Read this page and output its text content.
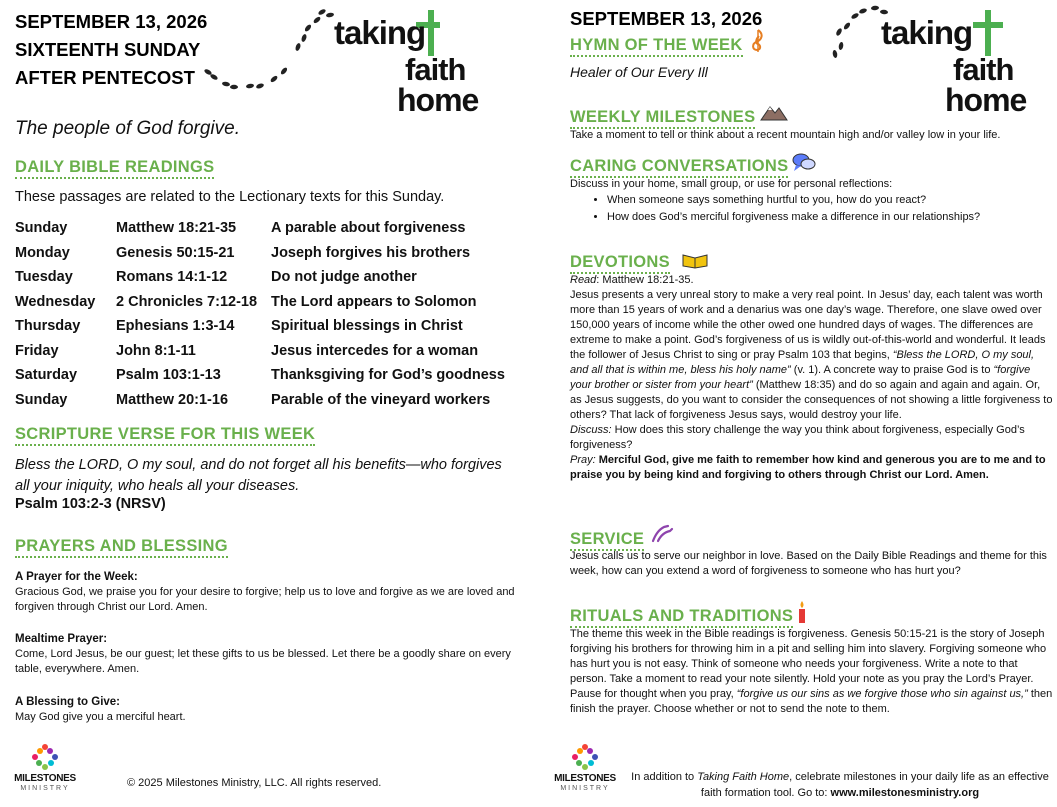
SEPTEMBER 13, 2026
SIXTEENTH SUNDAY
AFTER PENTECOST
taking
faith
home
The people of God forgive.
DAILY BIBLE READINGS
These passages are related to the Lectionary texts for this Sunday.
Sunday	Matthew 18:21-35	A parable about forgiveness
Monday	Genesis 50:15-21	Joseph forgives his brothers
Tuesday	Romans 14:1-12	Do not judge another
Wednesday	2 Chronicles 7:12-18	The Lord appears to Solomon
Thursday	Ephesians 1:3-14	Spiritual blessings in Christ
Friday	John 8:1-11	Jesus intercedes for a woman
Saturday	Psalm 103:1-13	Thanksgiving for God’s goodness
Sunday	Matthew 20:1-16	Parable of the vineyard workers
SCRIPTURE VERSE FOR THIS WEEK
Bless the LORD, O my soul, and do not forget all his benefits—who forgives all your iniquity, who heals all your diseases.
Psalm 103:2-3 (NRSV)
PRAYERS AND BLESSING
A Prayer for the Week:
Gracious God, we praise you for your desire to forgive; help us to love and forgive as we are loved and forgiven through Christ our Lord. Amen.
Mealtime Prayer:
Come, Lord Jesus, be our guest; let these gifts to us be blessed. Let there be a goodly share on every table, everywhere. Amen.
A Blessing to Give:
May God give you a merciful heart.
MILESTONES
MINISTRY	© 2025 Milestones Ministry, LLC. All rights reserved.
SEPTEMBER 13, 2026	taking
faith
home
HYMN OF THE WEEK
Healer of Our Every Ill
WEEKLY MILESTONES
Take a moment to tell or think about a recent mountain high and/or valley low in your life.
CARING CONVERSATIONS
Discuss in your home, small group, or use for personal reflections:
• When someone says something hurtful to you, how do you react?
• How does God’s merciful forgiveness make a difference in our relationships?
DEVOTIONS
Read: Matthew 18:21-35.
Jesus presents a very unreal story to make a very real point. In Jesus’ day, each talent was worth more than 15 years of work and a denarius was one day’s wage. Therefore, one slave owed over 150,000 years of income while the other owed one hundred days of wages. The differences are extreme to make a point. God’s forgiveness of us is wildly out-of-this-world and wonderful. It leads the follower of Jesus Christ to sing or pray Psalm 103 that begins, “Bless the LORD, O my soul, and all that is within me, bless his holy name” (v. 1). A concrete way to praise God is to “forgive your brother or sister from your heart” (Matthew 18:35) and do so again and again and again. Or, as Jesus suggests, do you want to consider the consequences of not showing a little forgiveness to others? That lack of forgiveness Jesus says, would destroy your life.
Discuss: How does this story challenge the way you think about forgiveness, especially God’s forgiveness?
Pray: Merciful God, give me faith to remember how kind and generous you are to me and to praise you by being kind and forgiving to others through Christ our Lord. Amen.
SERVICE
Jesus calls us to serve our neighbor in love. Based on the Daily Bible Readings and theme for this week, how can you extend a word of forgiveness to someone who has hurt you?
RITUALS AND TRADITIONS
The theme this week in the Bible readings is forgiveness. Genesis 50:15-21 is the story of Joseph forgiving his brothers for throwing him in a pit and selling him into slavery. Forgiving someone who has hurt you is not easy. Think of someone who needs your forgiveness. Write a note to that person. Take a moment to read your note silently. Hold your note as you pray the Lord’s Prayer. Pause for thought when you pray, “forgive us our sins as we forgive those who sin against us,” then finish the prayer. Choose whether or not to send the note to them.
MILESTONES
MINISTRY
In addition to Taking Faith Home, celebrate milestones in your daily life as an effective faith formation tool. Go to: www.milestonesministry.org
